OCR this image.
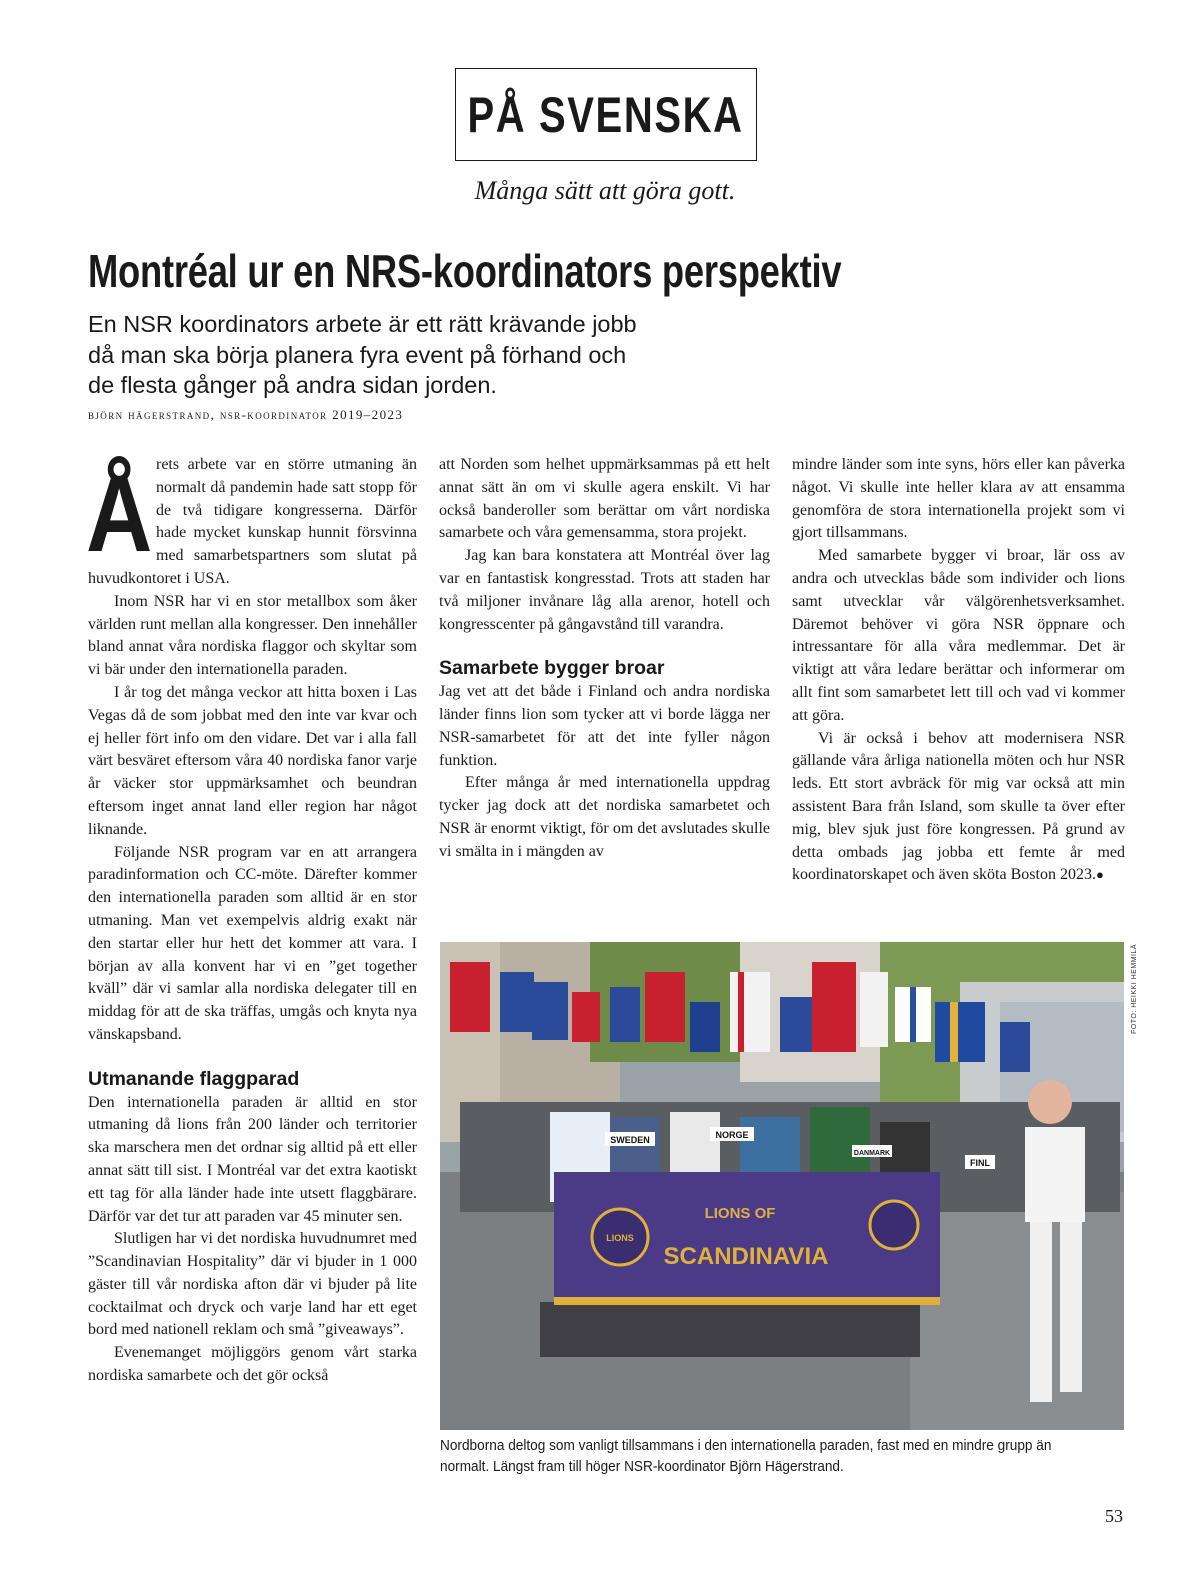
PÅ SVENSKA
Många sätt att göra gott.
Montréal ur en NRS-koordinators perspektiv
En NSR koordinators arbete är ett rätt krävande jobb
då man ska börja planera fyra event på förhand och
de flesta gånger på andra sidan jorden.
björn hägerstrand, nsr-koordinator 2019–2023

Årets arbete var en större utmaning än normalt då pandemin hade satt stopp för de två tidigare kongresserna. Därför hade mycket kunskap hunnit försvinna med samarbetspartners som slutat på huvudkontoret i USA.

Inom NSR har vi en stor metallbox som åker världen runt mellan alla kongresser. Den innehåller bland annat våra nordiska flaggor och skyltar som vi bär under den internationella paraden.

I år tog det många veckor att hitta boxen i Las Vegas då de som jobbat med den inte var kvar och ej heller fört info om den vidare. Det var i alla fall värt besväret eftersom våra 40 nordiska fanor varje år väcker stor uppmärksamhet och beundran eftersom inget annat land eller region har något liknande.

Följande NSR program var en att arrangera paradinformation och CC-möte. Därefter kommer den internationella paraden som alltid är en stor utmaning. Man vet exempelvis aldrig exakt när den startar eller hur hett det kommer att vara. I början av alla konvent har vi en ”get together kväll” där vi samlar alla nordiska delegater till en middag för att de ska träffas, umgås och knyta nya vänskapsband.

Utmanande flaggparad

Den internationella paraden är alltid en stor utmaning då lions från 200 länder och territorier ska marschera men det ordnar sig alltid på ett eller annat sätt till sist. I Montréal var det extra kaotiskt ett tag för alla länder hade inte utsett flaggbärare. Därför var det tur att paraden var 45 minuter sen.

Slutligen har vi det nordiska huvudnumret med ”Scandinavian Hospitality” där vi bjuder in 1 000 gäster till vår nordiska afton där vi bjuder på lite cocktailmat och dryck och varje land har ett eget bord med nationell reklam och små ”giveaways”.

Evenemanget möjliggörs genom vårt starka nordiska samarbete och det gör också

att Norden som helhet uppmärksammas på ett helt annat sätt än om vi skulle agera enskilt. Vi har också banderoller som berättar om vårt nordiska samarbete och våra gemensamma, stora projekt.

Jag kan bara konstatera att Montréal över lag var en fantastisk kongresstad. Trots att staden har två miljoner invånare låg alla arenor, hotell och kongresscenter på gångavstånd till varandra.

Samarbete bygger broar

Jag vet att det både i Finland och andra nordiska länder finns lion som tycker att vi borde lägga ner NSR-samarbetet för att det inte fyller någon funktion.

Efter många år med internationella uppdrag tycker jag dock att det nordiska samarbetet och NSR är enormt viktigt, för om det avslutades skulle vi smälta in i mängden av

mindre länder som inte syns, hörs eller kan påverka något. Vi skulle inte heller klara av att ensamma genomföra de stora internationella projekt som vi gjort tillsammans.

Med samarbete bygger vi broar, lär oss av andra och utvecklas både som individer och lions samt utvecklar vår välgörenhetsverksamhet. Däremot behöver vi göra NSR öppnare och intressantare för alla våra medlemmar. Det är viktigt att våra ledare berättar och informerar om allt fint som samarbetet lett till och vad vi kommer att göra.

Vi är också i behov att modernisera NSR gällande våra årliga nationella möten och hur NSR leds. Ett stort avbräck för mig var också att min assistent Bara från Island, som skulle ta över efter mig, blev sjuk just före kongressen. På grund av detta ombads jag jobba ett femte år med koordinatorskapet och även sköta Boston 2023.●

SWEDEN	NORGE
DANMARK
FINL
LIONS
LIONS OF
SCANDINAVIA
FOTO: HEIKKI HEMMILÄ
Nordborna deltog som vanligt tillsammans i den internationella paraden, fast med en mindre grupp än normalt. Längst fram till höger NSR-koordinator Björn Hägerstrand.
53
